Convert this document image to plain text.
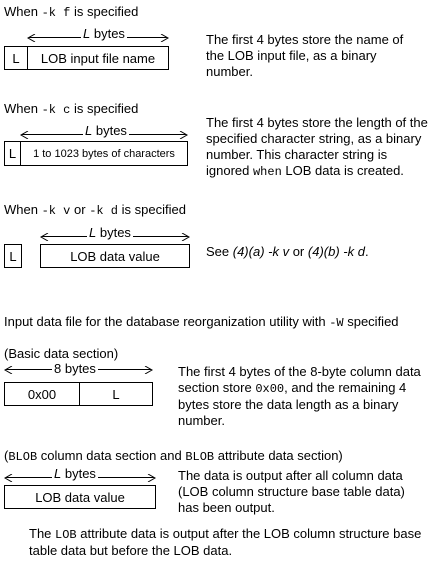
When -k f is specified
L bytes
L	LOB input file name
The first 4 bytes store the name of the LOB input file, as a binary number.
When -k c is specified
L bytes
L	1 to 1023 bytes of characters
The first 4 bytes store the length of the specified character string, as a binary number. This character string is ignored when LOB data is created.
When -k v or -k d is specified
L bytes
L	LOB data value	See (4)(a) -k v or (4)(b) -k d.
Input data file for the database reorganization utility with -W specified
(Basic data section)
8 bytes
0x00	L
The first 4 bytes of the 8-byte column data section store 0x00, and the remaining 4 bytes store the data length as a binary number.
(BLOB column data section and BLOB attribute data section)
L bytes
LOB data value
The data is output after all column data (LOB column structure base table data) has been output.
The LOB attribute data is output after the LOB column structure base table data but before the LOB data.
